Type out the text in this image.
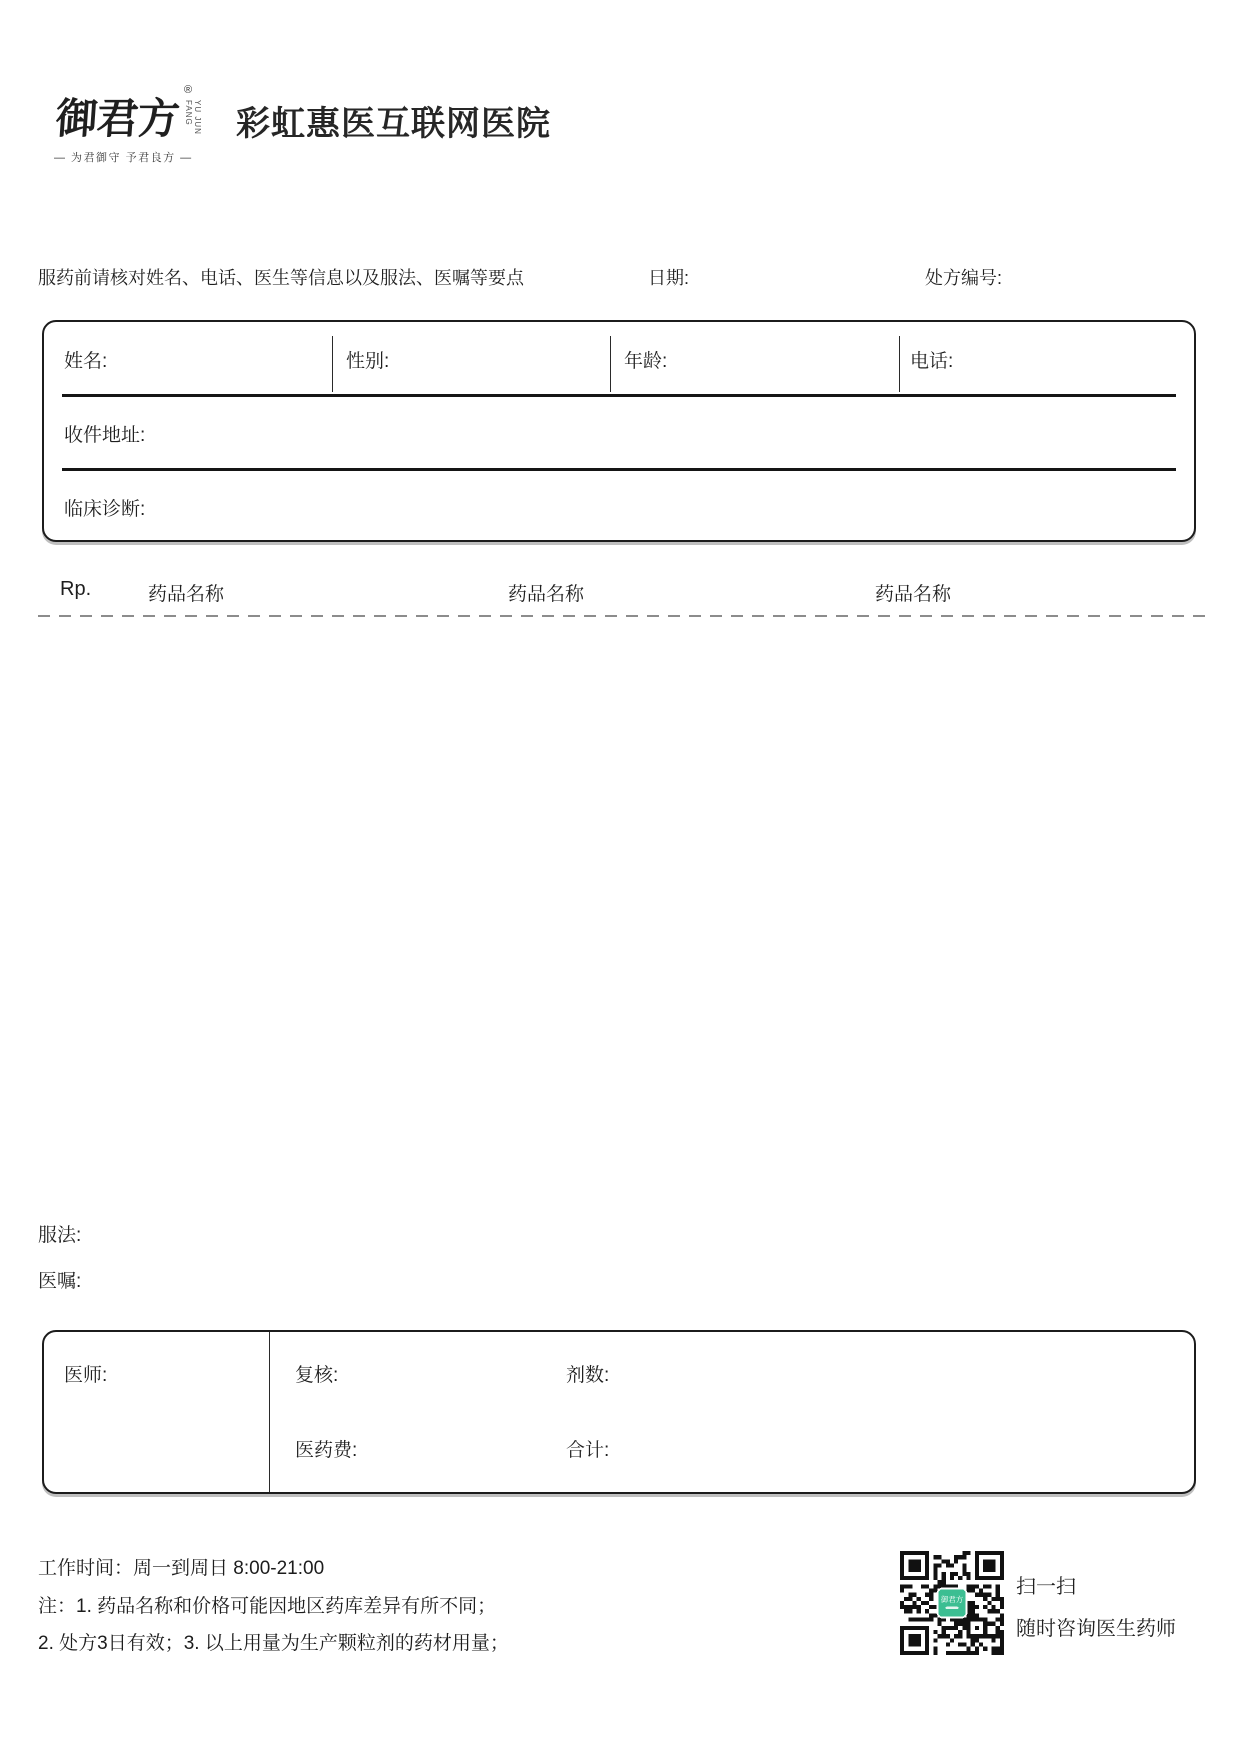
御君方
®
YU JUN FANG
— 为君御守 予君良方 —
彩虹惠医互联网医院
服药前请核对姓名、电话、医生等信息以及服法、医嘱等要点	日期:	处方编号:
姓名:	性别:	年龄:	电话:
收件地址:
临床诊断:
Rp.	药品名称	药品名称	药品名称
服法:
医嘱:
医师:	复核:	剂数:
医药费:	合计:
工作时间：周一到周日 8:00-21:00
注：1. 药品名称和价格可能因地区药库差异有所不同；
2. 处方3日有效；3. 以上用量为生产颗粒剂的药材用量；
御君方
扫一扫
随时咨询医生药师
